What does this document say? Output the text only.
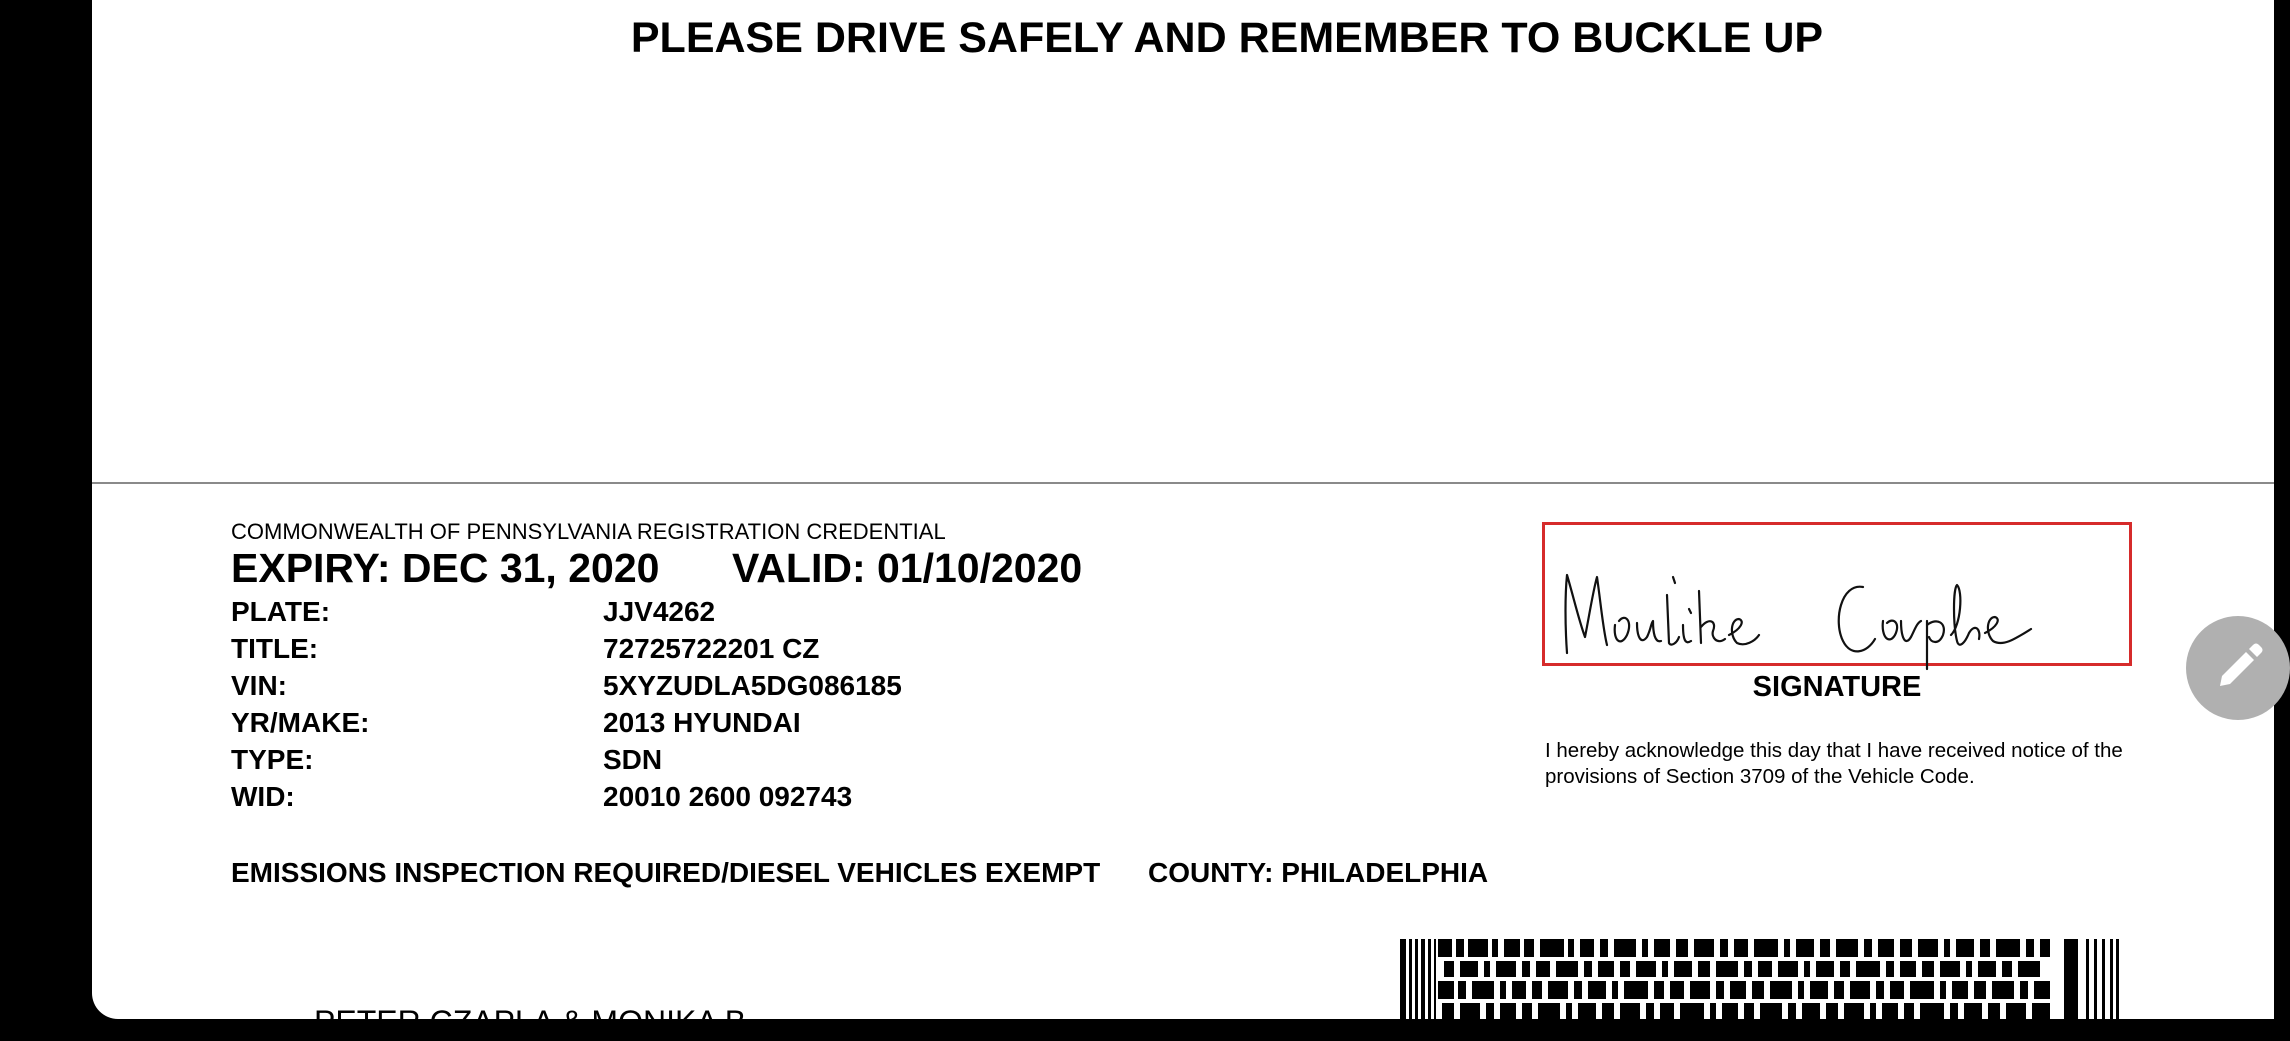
PLEASE DRIVE SAFELY AND REMEMBER TO BUCKLE UP
COMMONWEALTH OF PENNSYLVANIA REGISTRATION CREDENTIAL
EXPIRY: DEC 31, 2020 VALID: 01/10/2020
PLATE:	JJV4262
TITLE:	72725722201 CZ
VIN:	5XYZUDLA5DG086185
YR/MAKE:	2013 HYUNDAI
TYPE:	SDN
WID:	20010 2600 092743
EMISSIONS INSPECTION REQUIRED/DIESEL VEHICLES EXEMPT COUNTY: PHILADELPHIA
PETER CZAPLA & MONIKA B
SIGNATURE
I hereby acknowledge this day that I have received notice of the provisions of Section 3709 of the Vehicle Code.
